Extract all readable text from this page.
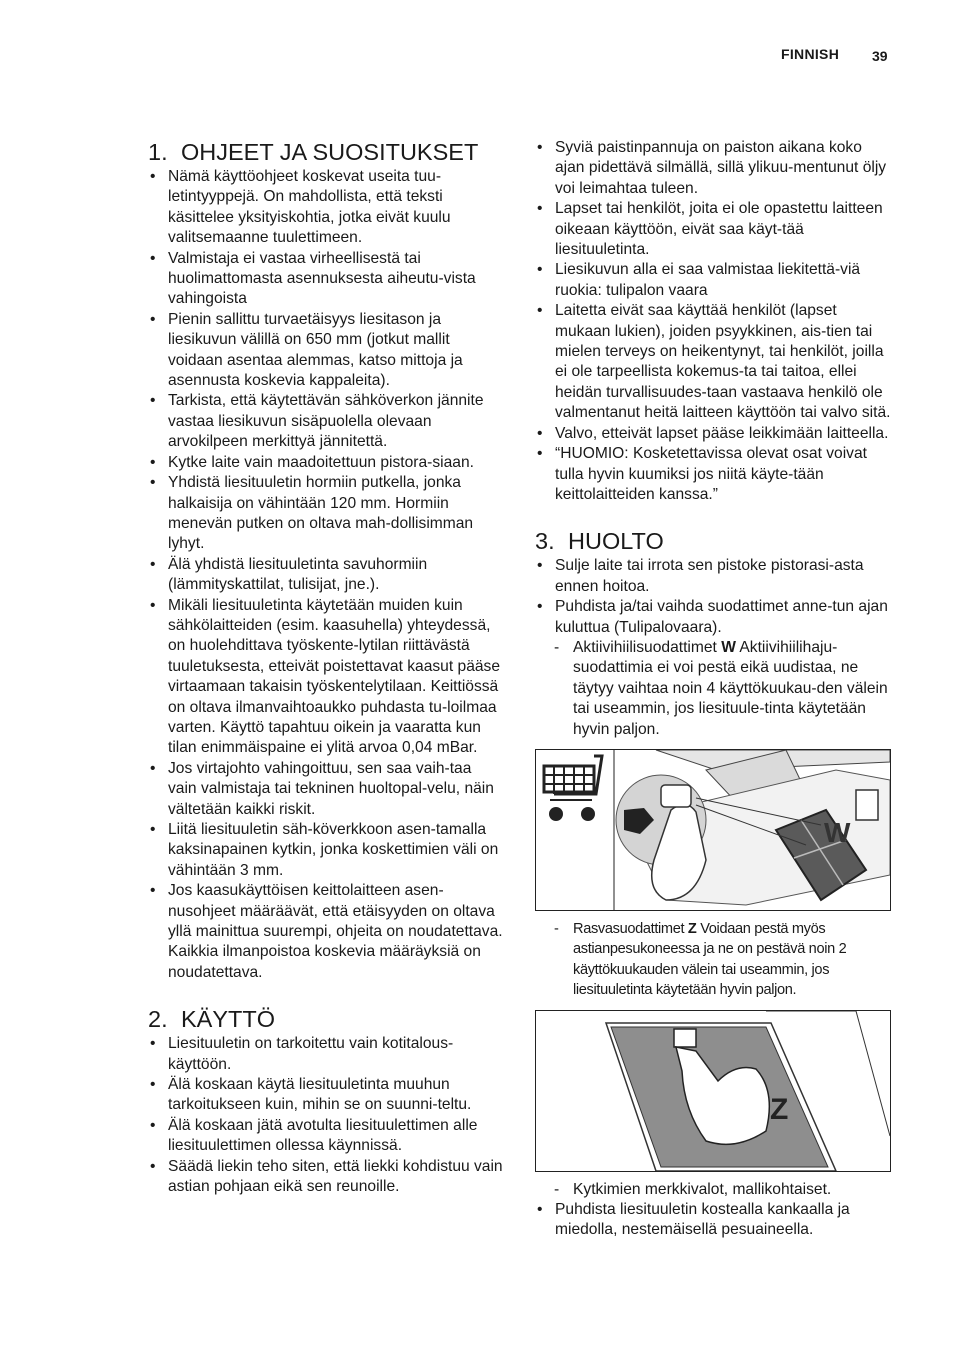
FINNISH 39
1. OHJEET JA SUOSITUKSET
• Nämä käyttöohjeet koskevat useita tuu-letintyyppejä. On mahdollista, että teksti käsittelee yksityiskohtia, jotka eivät kuulu valitsemaanne tuulettimeen.
• Valmistaja ei vastaa virheellisestä tai huolimattomasta asennuksesta aiheutu-vista vahingoista
• Pienin sallittu turvaetäisyys liesitason ja liesikuvun välillä on 650 mm (jotkut mallit voidaan asentaa alemmas, katso mittoja ja asennusta koskevia kappaleita).
• Tarkista, että käytettävän sähköverkon jännite vastaa liesikuvun sisäpuolella olevaan arvokilpeen merkittyä jännitettä.
• Kytke laite vain maadoitettuun pistora-siaan.
• Yhdistä liesituuletin hormiin putkella, jonka halkaisija on vähintään 120 mm. Hormiin menevän putken on oltava mah-dollisimman lyhyt.
• Älä yhdistä liesituuletinta savuhormiin (lämmityskattilat, tulisijat, jne.).
• Mikäli liesituuletinta käytetään muiden kuin sähkölaitteiden (esim. kaasuhella) yhteydessä, on huolehdittava työskente-lytilan riittävästä tuuletuksesta, etteivät poistettavat kaasut pääse virtaamaan takaisin työskentelytilaan. Keittiössä on oltava ilmanvaihtoaukko puhdasta tu-loilmaa varten. Käyttö tapahtuu oikein ja vaaratta kun tilan enimmäispaine ei ylitä arvoa 0,04 mBar.
• Jos virtajohto vahingoittuu, sen saa vaih-taa vain valmistaja tai tekninen huoltopal-velu, näin vältetään kaikki riskit.
• Liitä liesituuletin säh-köverkkoon asen-tamalla kaksinapainen kytkin, jonka koskettimien väli on vähintään 3 mm.
• Jos kaasukäyttöisen keittolaitteen asen-nusohjeet määräävät, että etäisyyden on oltava yllä mainittua suurempi, ohjeita on noudatettava. Kaikkia ilmanpoistoa koskevia määräyksiä on noudatettava.
2. KÄYTTÖ
• Liesituuletin on tarkoitettu vain kotitalous-käyttöön.
• Älä koskaan käytä liesituuletinta muuhun tarkoitukseen kuin, mihin se on suunni-teltu.
• Älä koskaan jätä avotulta liesituulettimen alle liesituulettimen ollessa käynnissä.
• Säädä liekin teho siten, että liekki kohdistuu vain astian pohjaan eikä sen reunoille.
• Syviä paistinpannuja on paiston aikana koko ajan pidettävä silmällä, sillä ylikuu-mentunut öljy voi leimahtaa tuleen.
• Lapset tai henkilöt, joita ei ole opastettu laitteen oikeaan käyttöön, eivät saa käyt-tää liesituuletinta.
• Liesikuvun alla ei saa valmistaa liekitettä-viä ruokia: tulipalon vaara
• Laitetta eivät saa käyttää henkilöt (lapset mukaan lukien), joiden psyykkinen, ais-tien tai mielen terveys on heikentynyt, tai henkilöt, joilla ei ole tarpeellista kokemus-ta tai taitoa, ellei heidän turvallisuudes-taan vastaava henkilö ole valmentanut heitä laitteen käyttöön tai valvo sitä.
• Valvo, etteivät lapset pääse leikkimään laitteella.
• “HUOMIO: Kosketettavissa olevat osat voivat tulla hyvin kuumiksi jos niitä käyte-tään keittolaitteiden kanssa.”
3. HUOLTO
• Sulje laite tai irrota sen pistoke pistorasi-asta ennen hoitoa.
• Puhdista ja/tai vaihda suodattimet anne-tun ajan kuluttua (Tulipalovaara).
- Aktiivihiilisuodattimet W Aktiivihiilihaju-suodattimia ei voi pestä eikä uudistaa, ne täytyy vaihtaa noin 4 käyttökuukau-den välein tai useammin, jos liesituule-tinta käytetään hyvin paljon.
W
- Rasvasuodattimet Z Voidaan pestä myös astianpesukoneessa ja ne on pestävä noin 2 käyttökuukauden välein tai useammin, jos liesituuletinta käytetään hyvin paljon.
Z
- Kytkimien merkkivalot, mallikohtaiset.
• Puhdista liesituuletin kostealla kankaalla ja miedolla, nestemäisellä pesuaineella.
